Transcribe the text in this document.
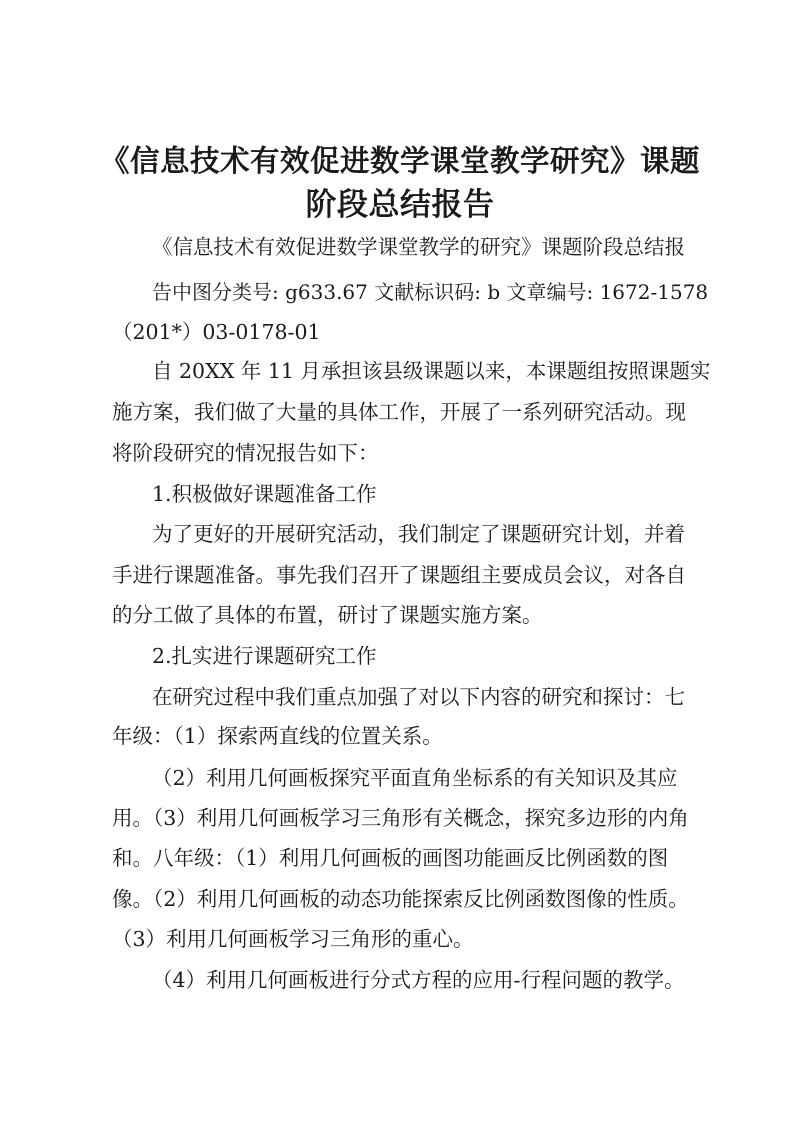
《信息技术有效促进数学课堂教学研究》课题
阶段总结报告
《信息技术有效促进数学课堂教学的研究》课题阶段总结报
告中图分类号: g633.67 文献标识码: b 文章编号: 1672-1578
（201*）03-0178-01
自 20XX 年 11 月承担该县级课题以来，本课题组按照课题实
施方案，我们做了大量的具体工作，开展了一系列研究活动。现
将阶段研究的情况报告如下：
1.积极做好课题准备工作
为了更好的开展研究活动，我们制定了课题研究计划，并着
手进行课题准备。事先我们召开了课题组主要成员会议，对各自
的分工做了具体的布置，研讨了课题实施方案。
2.扎实进行课题研究工作
在研究过程中我们重点加强了对以下内容的研究和探讨：七
年级：（1）探索两直线的位置关系。
（2）利用几何画板探究平面直角坐标系的有关知识及其应
用。（3）利用几何画板学习三角形有关概念，探究多边形的内角
和。八年级：（1）利用几何画板的画图功能画反比例函数的图
像。（2）利用几何画板的动态功能探索反比例函数图像的性质。
（3）利用几何画板学习三角形的重心。
（4）利用几何画板进行分式方程的应用-行程问题的教学。
